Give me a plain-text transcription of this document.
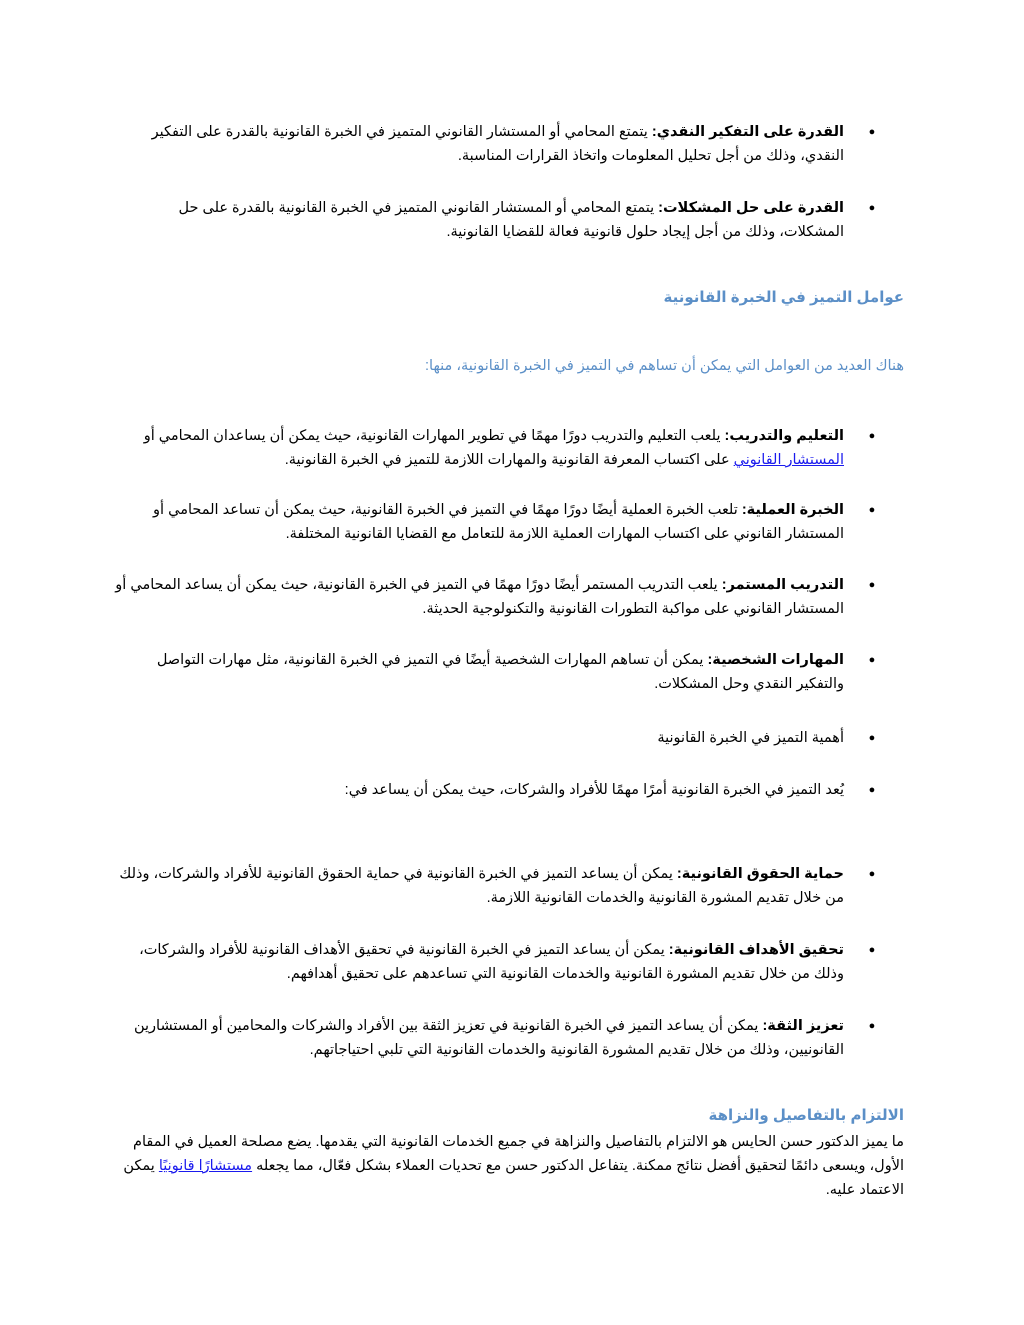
●
القدرة على التفكير النقدي: يتمتع المحامي أو المستشار القانوني المتميز في الخبرة القانونية بالقدرة على التفكير النقدي، وذلك من أجل تحليل المعلومات واتخاذ القرارات المناسبة.
●
القدرة على حل المشكلات: يتمتع المحامي أو المستشار القانوني المتميز في الخبرة القانونية بالقدرة على حل المشكلات، وذلك من أجل إيجاد حلول قانونية فعالة للقضايا القانونية.
عوامل التميز في الخبرة القانونية
هناك العديد من العوامل التي يمكن أن تساهم في التميز في الخبرة القانونية، منها:
●
التعليم والتدريب: يلعب التعليم والتدريب دورًا مهمًا في تطوير المهارات القانونية، حيث يمكن أن يساعدان المحامي أو المستشار القانوني على اكتساب المعرفة القانونية والمهارات اللازمة للتميز في الخبرة القانونية.
●
الخبرة العملية: تلعب الخبرة العملية أيضًا دورًا مهمًا في التميز في الخبرة القانونية، حيث يمكن أن تساعد المحامي أو المستشار القانوني على اكتساب المهارات العملية اللازمة للتعامل مع القضايا القانونية المختلفة.
●
التدريب المستمر: يلعب التدريب المستمر أيضًا دورًا مهمًا في التميز في الخبرة القانونية، حيث يمكن أن يساعد المحامي أو المستشار القانوني على مواكبة التطورات القانونية والتكنولوجية الحديثة.
●
المهارات الشخصية: يمكن أن تساهم المهارات الشخصية أيضًا في التميز في الخبرة القانونية، مثل مهارات التواصل والتفكير النقدي وحل المشكلات.
●
أهمية التميز في الخبرة القانونية
●
يُعد التميز في الخبرة القانونية أمرًا مهمًا للأفراد والشركات، حيث يمكن أن يساعد في:
●
حماية الحقوق القانونية: يمكن أن يساعد التميز في الخبرة القانونية في حماية الحقوق القانونية للأفراد والشركات، وذلك من خلال تقديم المشورة القانونية والخدمات القانونية اللازمة.
●
تحقيق الأهداف القانونية: يمكن أن يساعد التميز في الخبرة القانونية في تحقيق الأهداف القانونية للأفراد والشركات، وذلك من خلال تقديم المشورة القانونية والخدمات القانونية التي تساعدهم على تحقيق أهدافهم.
●
تعزيز الثقة: يمكن أن يساعد التميز في الخبرة القانونية في تعزيز الثقة بين الأفراد والشركات والمحامين أو المستشارين القانونيين، وذلك من خلال تقديم المشورة القانونية والخدمات القانونية التي تلبي احتياجاتهم.
الالتزام بالتفاصيل والنزاهة
ما يميز الدكتور حسن الحايس هو الالتزام بالتفاصيل والنزاهة في جميع الخدمات القانونية التي يقدمها. يضع مصلحة العميل في المقام الأول، ويسعى دائمًا لتحقيق أفضل نتائج ممكنة. يتفاعل الدكتور حسن مع تحديات العملاء بشكل فعّال، مما يجعله مستشارًا قانونيًا يمكن الاعتماد عليه.
